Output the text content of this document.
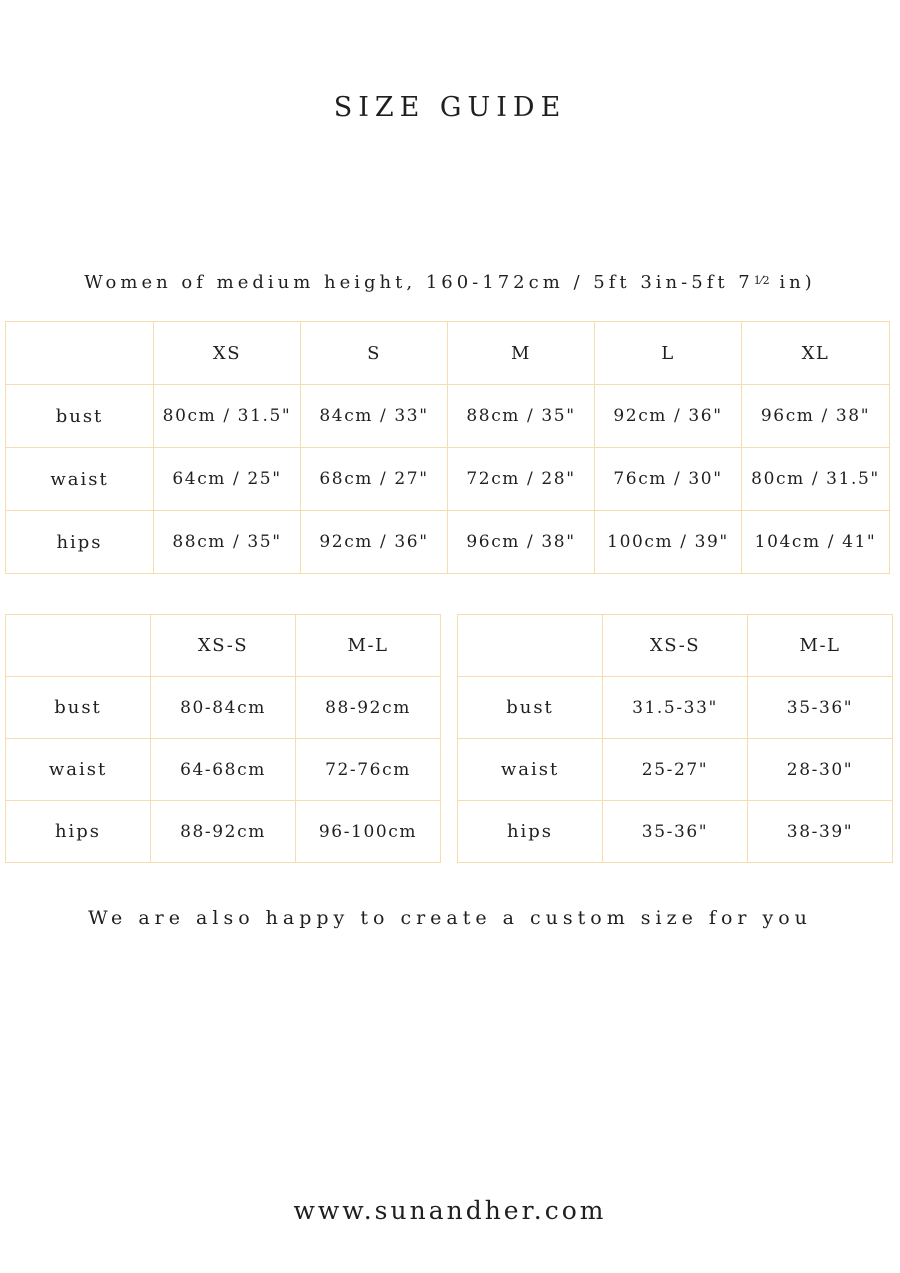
SIZE GUIDE
Women of medium height, 160-172cm / 5ft 3in-5ft $7^{1⁄2}$ in)
	XS	S	M	L	XL
bust	80cm / 31.5"	84cm / 33"	88cm / 35"	92cm / 36"	96cm / 38"
waist	64cm / 25"	68cm / 27"	72cm / 28"	76cm / 30"	80cm / 31.5"
hips	88cm / 35"	92cm / 36"	96cm / 38"	100cm / 39"	104cm / 41"
	XS-S	M-L
bust	80-84cm	88-92cm
waist	64-68cm	72-76cm
hips	88-92cm	96-100cm
	XS-S	M-L
bust	31.5-33"	35-36"
waist	25-27"	28-30"
hips	35-36"	38-39"
We are also happy to create a custom size for you
www.sunandher.com
